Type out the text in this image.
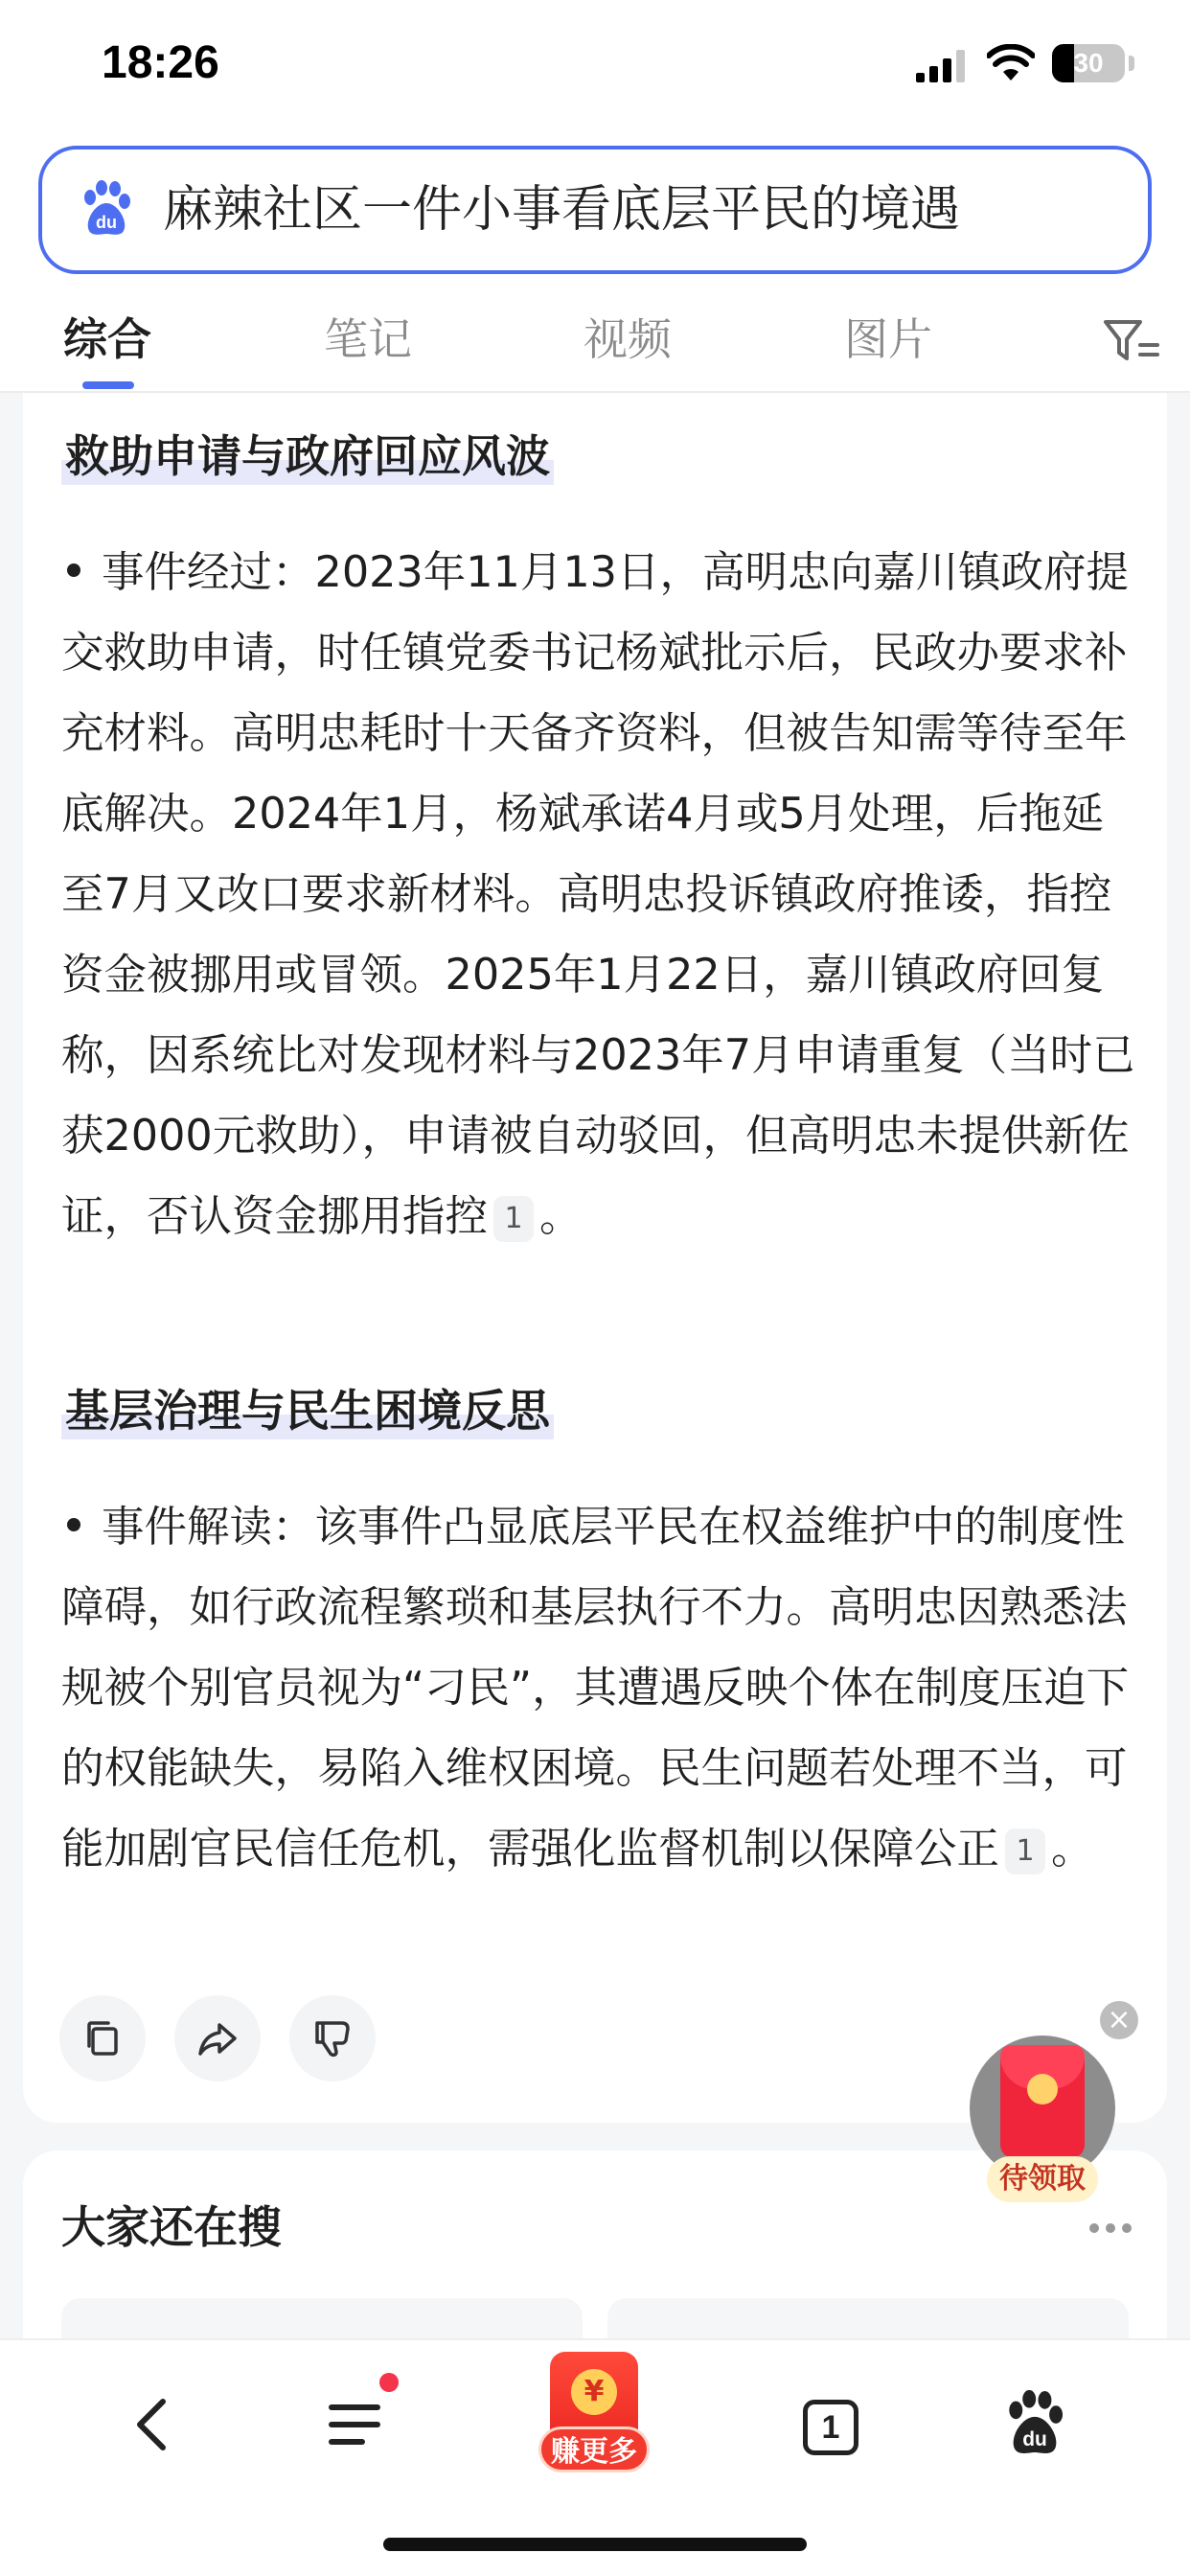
18:26	30
du 麻辣社区一件小事看底层平民的境遇
综合	笔记	视频	图片
救助申请与政府回应风波
事件经过：2023年11月13日，高明忠向嘉川镇政府提交救助申请，时任镇党委书记杨斌批示后，民政办要求补充材料。高明忠耗时十天备齐资料，但被告知需等待至年底解决。2024年1月，杨斌承诺4月或5月处理，后拖延至7月又改口要求新材料。高明忠投诉镇政府推诿，指控资金被挪用或冒领。2025年1月22日，嘉川镇政府回复称，因系统比对发现材料与2023年7月申请重复（当时已获2000元救助），申请被自动驳回，但高明忠未提供新佐证，否认资金挪用指控 1 。
基层治理与民生困境反思
事件解读：该事件凸显底层平民在权益维护中的制度性障碍，如行政流程繁琐和基层执行不力。高明忠因熟悉法规被个别官员视为“刁民”，其遭遇反映个体在制度压迫下的权能缺失，易陷入维权困境。民生问题若处理不当，可能加剧官民信任危机，需强化监督机制以保障公正 1 。
大家还在搜
×
待领取
¥
赚更多
1	du
